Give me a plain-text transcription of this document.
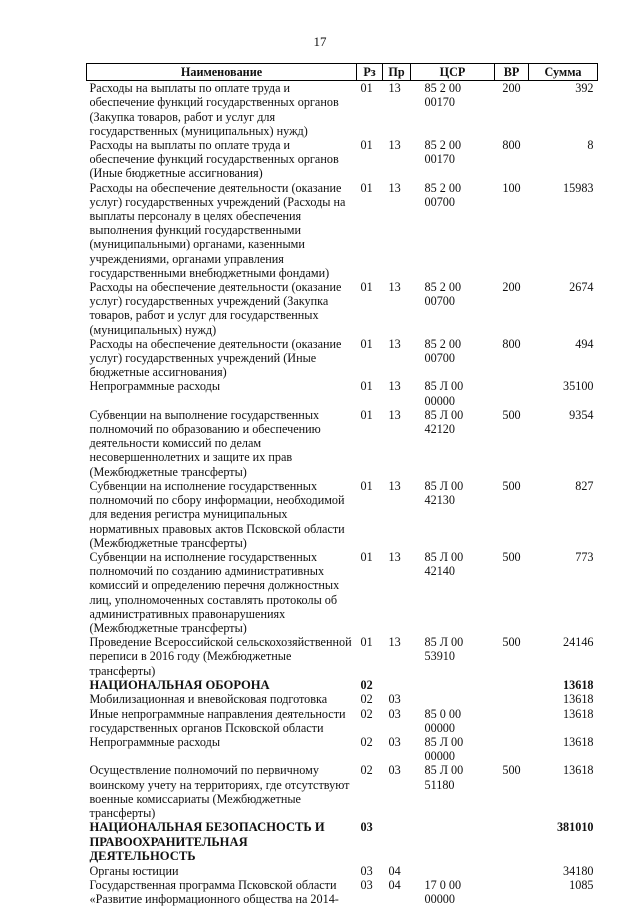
17
Наименование	Рз	Пр	ЦСР	ВР	Сумма
Расходы на выплаты по оплате труда и обеспечение функций государственных органов (Закупка товаров, работ и услуг для государственных (муниципальных) нужд)	01	13	85 2 00 00170	200	392
Расходы на выплаты по оплате труда и обеспечение функций государственных органов (Иные бюджетные ассигнования)	01	13	85 2 00 00170	800	8
Расходы на обеспечение деятельности (оказание услуг) государственных учреждений (Расходы на выплаты персоналу в целях обеспечения выполнения функций государственными (муниципальными) органами, казенными учреждениями, органами управления государственными внебюджетными фондами)	01	13	85 2 00 00700	100	15983
Расходы на обеспечение деятельности (оказание услуг) государственных учреждений (Закупка товаров, работ и услуг для государственных (муниципальных) нужд)	01	13	85 2 00 00700	200	2674
Расходы на обеспечение деятельности (оказание услуг) государственных учреждений (Иные бюджетные ассигнования)	01	13	85 2 00 00700	800	494
Непрограммные расходы	01	13	85 Л 00 00000		35100
Субвенции на выполнение государственных полномочий по образованию и обеспечению деятельности комиссий по делам несовершеннолетних и защите их прав (Межбюджетные трансферты)	01	13	85 Л 00 42120	500	9354
Субвенции на исполнение государственных полномочий по сбору информации, необходимой для ведения регистра муниципальных нормативных правовых актов Псковской области (Межбюджетные трансферты)	01	13	85 Л 00 42130	500	827
Субвенции на исполнение государственных полномочий по созданию административных комиссий и определению перечня должностных лиц, уполномоченных составлять протоколы об административных правонарушениях (Межбюджетные трансферты)	01	13	85 Л 00 42140	500	773
Проведение Всероссийской сельскохозяйственной переписи в 2016 году (Межбюджетные трансферты)	01	13	85 Л 00 53910	500	24146
НАЦИОНАЛЬНАЯ ОБОРОНА	02				13618
Мобилизационная и вневойсковая подготовка	02	03			13618
Иные непрограммные направления деятельности государственных органов Псковской области	02	03	85 0 00 00000		13618
Непрограммные расходы	02	03	85 Л 00 00000		13618
Осуществление полномочий по первичному воинскому учету на территориях, где отсутствуют военные комиссариаты (Межбюджетные трансферты)	02	03	85 Л 00 51180	500	13618
НАЦИОНАЛЬНАЯ БЕЗОПАСНОСТЬ И ПРАВООХРАНИТЕЛЬНАЯ ДЕЯТЕЛЬНОСТЬ	03				381010
Органы юстиции	03	04			34180
Государственная программа Псковской области «Развитие информационного общества на 2014-	03	04	17 0 00 00000		1085
